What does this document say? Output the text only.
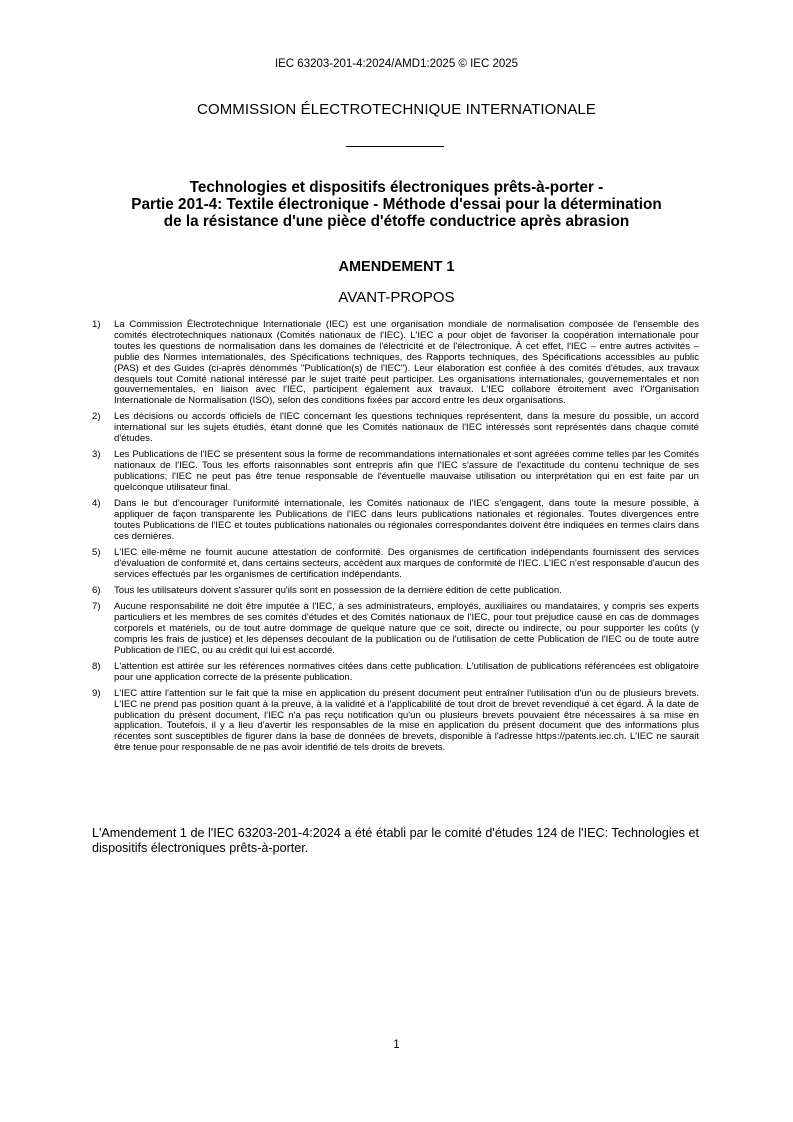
IEC 63203-201-4:2024/AMD1:2025 © IEC 2025
COMMISSION ÉLECTROTECHNIQUE INTERNATIONALE
Technologies et dispositifs électroniques prêts-à-porter -
Partie 201-4: Textile électronique - Méthode d'essai pour la détermination
de la résistance d'une pièce d'étoffe conductrice après abrasion
AMENDEMENT 1
AVANT-PROPOS
1) La Commission Électrotechnique Internationale (IEC) est une organisation mondiale de normalisation composée de l'ensemble des comités électrotechniques nationaux (Comités nationaux de l'IEC). L'IEC a pour objet de favoriser la coopération internationale pour toutes les questions de normalisation dans les domaines de l'électricité et de l'électronique. À cet effet, l'IEC – entre autres activités – publie des Normes internationales, des Spécifications techniques, des Rapports techniques, des Spécifications accessibles au public (PAS) et des Guides (ci-après dénommés "Publication(s) de l'IEC"). Leur élaboration est confiée à des comités d'études, aux travaux desquels tout Comité national intéressé par le sujet traité peut participer. Les organisations internationales, gouvernementales et non gouvernementales, en liaison avec l'IEC, participent également aux travaux. L'IEC collabore étroitement avec l'Organisation Internationale de Normalisation (ISO), selon des conditions fixées par accord entre les deux organisations.
2) Les décisions ou accords officiels de l'IEC concernant les questions techniques représentent, dans la mesure du possible, un accord international sur les sujets étudiés, étant donné que les Comités nationaux de l'IEC intéressés sont représentés dans chaque comité d'études.
3) Les Publications de l'IEC se présentent sous la forme de recommandations internationales et sont agréées comme telles par les Comités nationaux de l'IEC. Tous les efforts raisonnables sont entrepris afin que l'IEC s'assure de l'exactitude du contenu technique de ses publications; l'IEC ne peut pas être tenue responsable de l'éventuelle mauvaise utilisation ou interprétation qui en est faite par un quelconque utilisateur final.
4) Dans le but d'encourager l'uniformité internationale, les Comités nationaux de l'IEC s'engagent, dans toute la mesure possible, à appliquer de façon transparente les Publications de l'IEC dans leurs publications nationales et régionales. Toutes divergences entre toutes Publications de l'IEC et toutes publications nationales ou régionales correspondantes doivent être indiquées en termes clairs dans ces dernières.
5) L'IEC elle-même ne fournit aucune attestation de conformité. Des organismes de certification indépendants fournissent des services d'évaluation de conformité et, dans certains secteurs, accèdent aux marques de conformité de l'IEC. L'IEC n'est responsable d'aucun des services effectués par les organismes de certification indépendants.
6) Tous les utilisateurs doivent s'assurer qu'ils sont en possession de la dernière édition de cette publication.
7) Aucune responsabilité ne doit être imputée à l'IEC, à ses administrateurs, employés, auxiliaires ou mandataires, y compris ses experts particuliers et les membres de ses comités d'études et des Comités nationaux de l'IEC, pour tout préjudice causé en cas de dommages corporels et matériels, ou de tout autre dommage de quelque nature que ce soit, directe ou indirecte, ou pour supporter les coûts (y compris les frais de justice) et les dépenses découlant de la publication ou de l'utilisation de cette Publication de l'IEC ou de toute autre Publication de l'IEC, ou au crédit qui lui est accordé.
8) L'attention est attirée sur les références normatives citées dans cette publication. L'utilisation de publications référencées est obligatoire pour une application correcte de la présente publication.
9) L'IEC attire l'attention sur le fait que la mise en application du présent document peut entraîner l'utilisation d'un ou de plusieurs brevets. L'IEC ne prend pas position quant à la preuve, à la validité et à l'applicabilité de tout droit de brevet revendiqué à cet égard. À la date de publication du présent document, l'IEC n'a pas reçu notification qu'un ou plusieurs brevets pouvaient être nécessaires à sa mise en application. Toutefois, il y a lieu d'avertir les responsables de la mise en application du présent document que des informations plus récentes sont susceptibles de figurer dans la base de données de brevets, disponible à l'adresse https://patents.iec.ch. L'IEC ne saurait être tenue pour responsable de ne pas avoir identifié de tels droits de brevets.
L'Amendement 1 de l'IEC 63203-201-4:2024 a été établi par le comité d'études 124 de l'IEC: Technologies et dispositifs électroniques prêts-à-porter.
1
